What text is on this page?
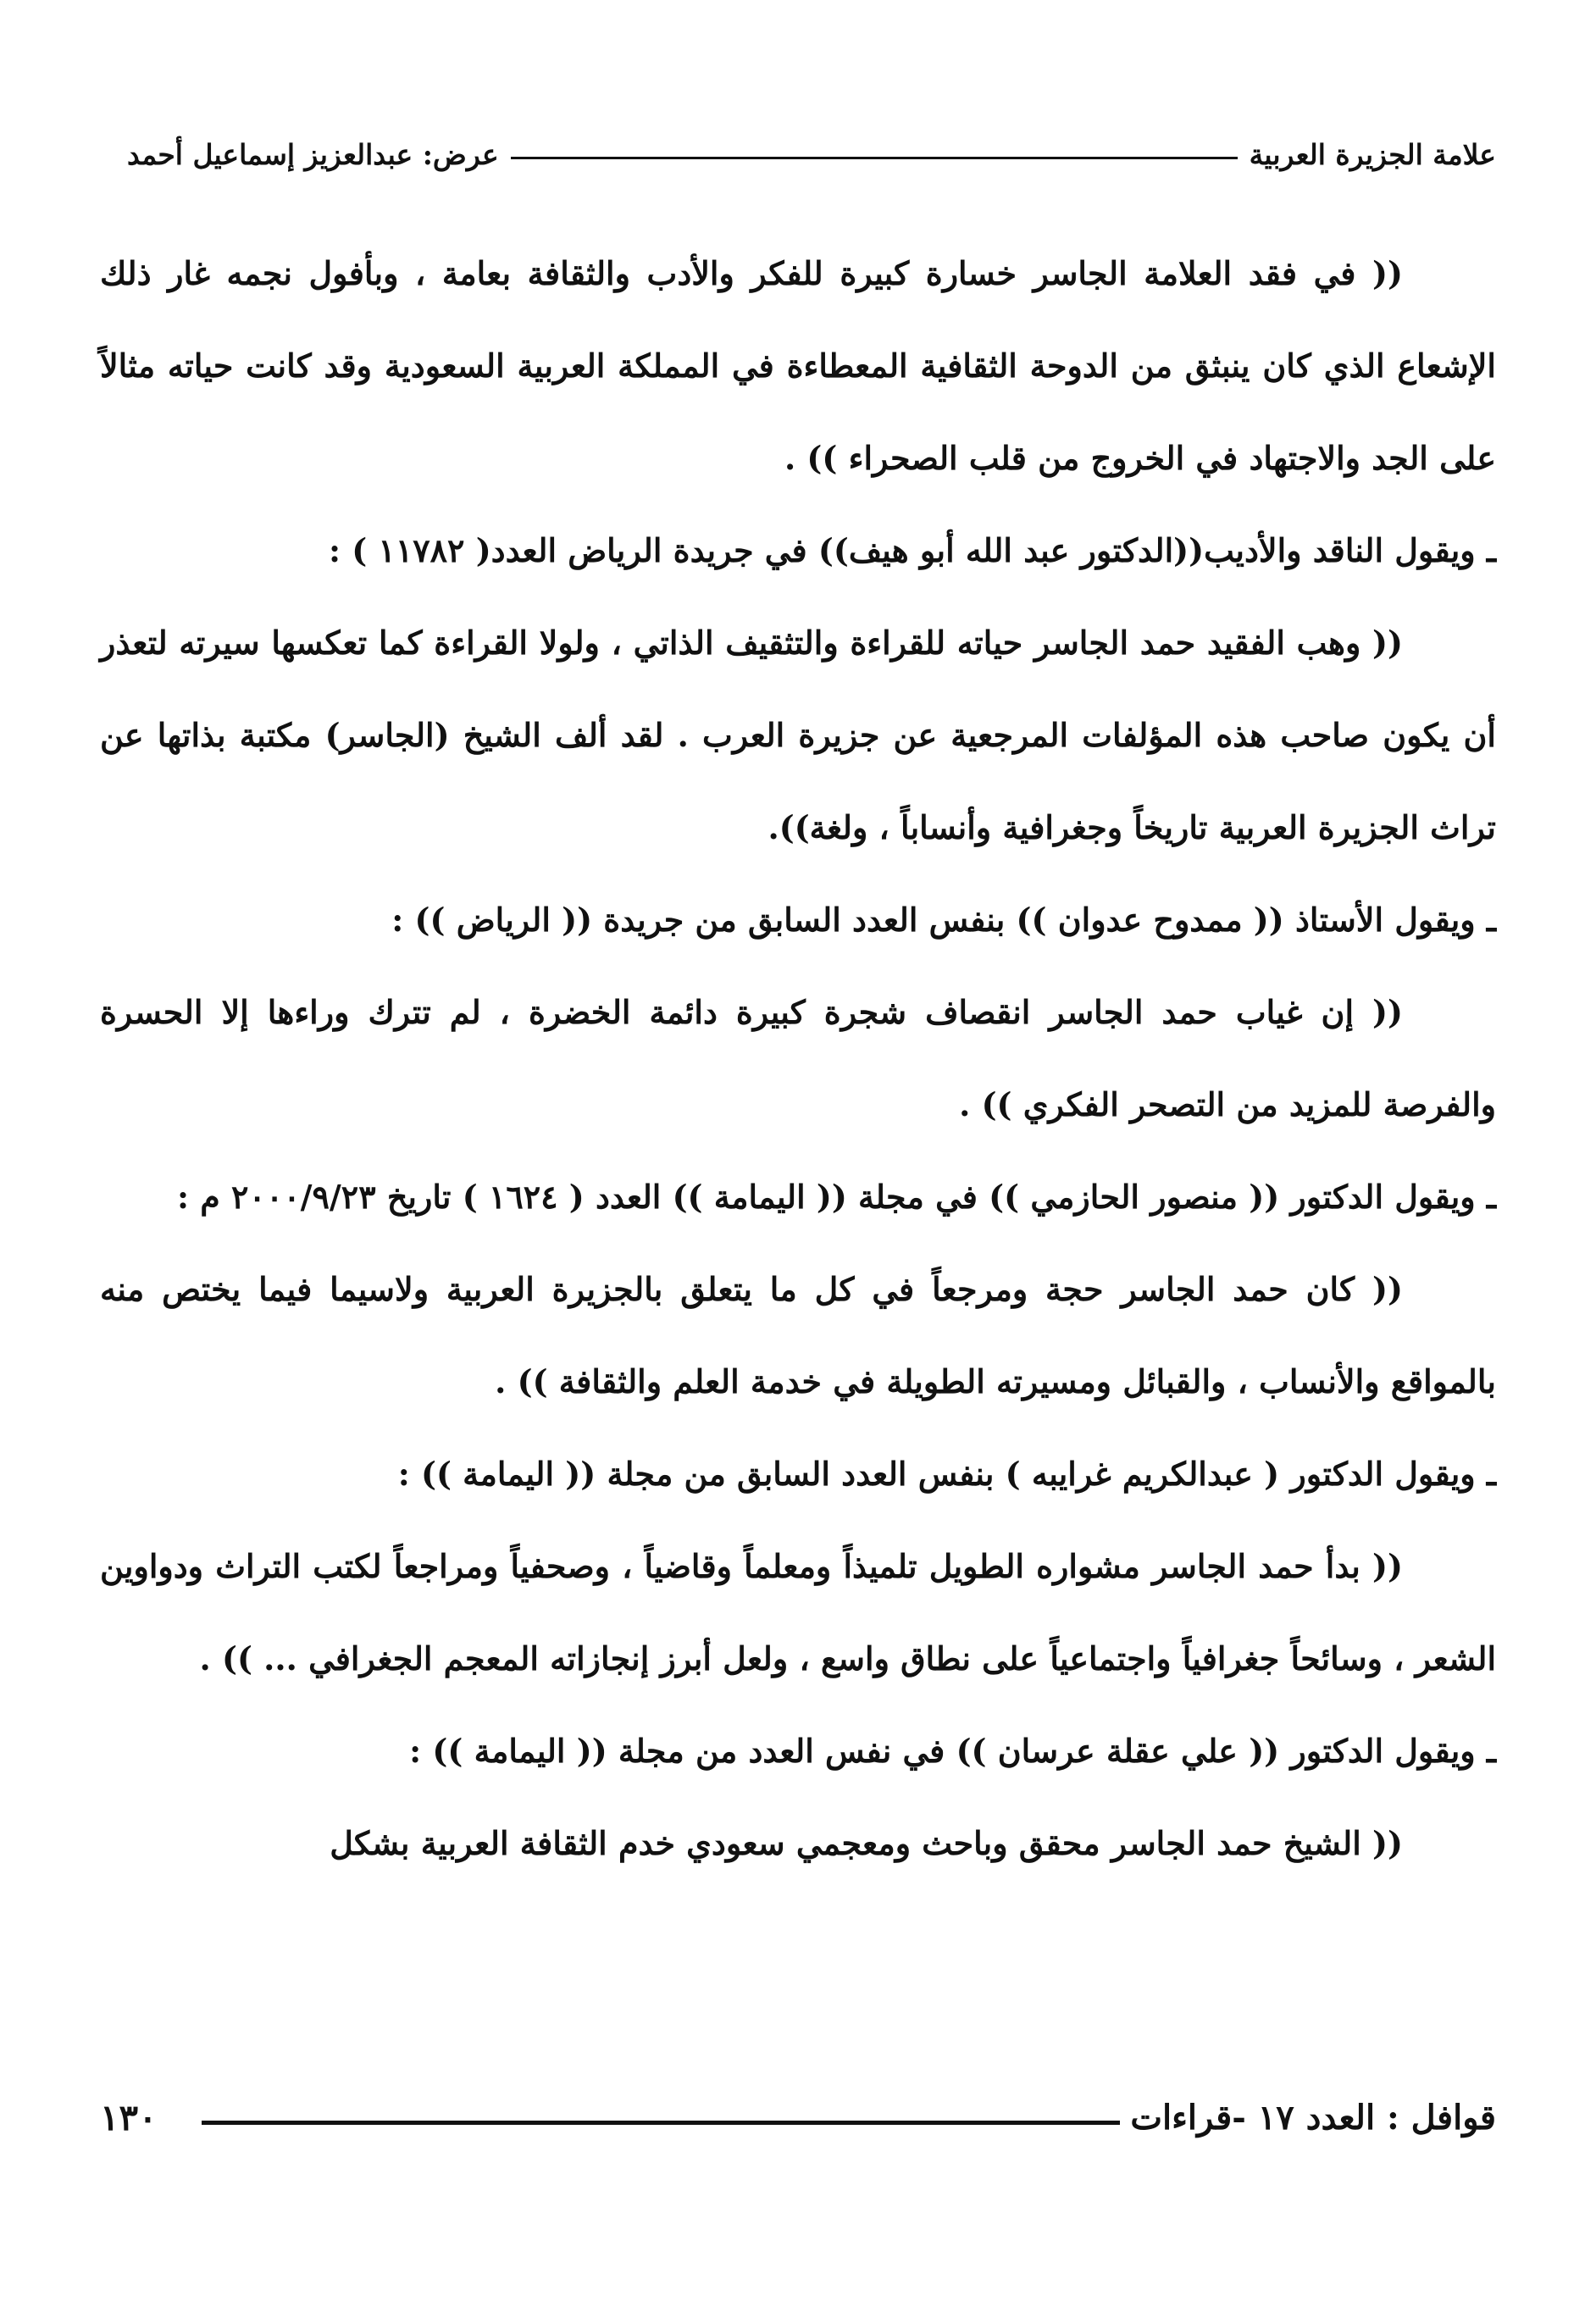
علامة الجزيرة العربية
عرض: عبدالعزيز إسماعيل أحمد

(( في فقد العلامة الجاسر خسارة كبيرة للفكر والأدب والثقافة بعامة ، وبأفول نجمه غار ذلك الإشعاع الذي كان ينبثق من الدوحة الثقافية المعطاءة في المملكة العربية السعودية وقد كانت حياته مثالاً على الجد والاجتهاد في الخروج من قلب الصحراء )) .

ـ ويقول الناقد والأديب((الدكتور عبد الله أبو هيف)) في جريدة الرياض العدد( ١١٧٨٢ ) :

(( وهب الفقيد حمد الجاسر حياته للقراءة والتثقيف الذاتي ، ولولا القراءة كما تعكسها سيرته لتعذر أن يكون صاحب هذه المؤلفات المرجعية عن جزيرة العرب . لقد ألف الشيخ (الجاسر) مكتبة بذاتها عن تراث الجزيرة العربية تاريخاً وجغرافية وأنساباً ، ولغة)).

ـ ويقول الأستاذ (( ممدوح عدوان )) بنفس العدد السابق من جريدة (( الرياض )) :

(( إن غياب حمد الجاسر انقصاف شجرة كبيرة دائمة الخضرة ، لم تترك وراءها إلا الحسرة والفرصة للمزيد من التصحر الفكري )) .

ـ ويقول الدكتور (( منصور الحازمي )) في مجلة (( اليمامة )) العدد ( ١٦٢٤ ) تاريخ ٢٠٠٠/٩/٢٣ م :

(( كان حمد الجاسر حجة ومرجعاً في كل ما يتعلق بالجزيرة العربية ولاسيما فيما يختص منه بالمواقع والأنساب ، والقبائل ومسيرته الطويلة في خدمة العلم والثقافة )) .

ـ ويقول الدكتور ( عبدالكريم غرايبه ) بنفس العدد السابق من مجلة (( اليمامة )) :

(( بدأ حمد الجاسر مشواره الطويل تلميذاً ومعلماً وقاضياً ، وصحفياً ومراجعاً لكتب التراث ودواوين الشعر ، وسائحاً جغرافياً واجتماعياً على نطاق واسع ، ولعل أبرز إنجازاته المعجم الجغرافي ... )) .

ـ ويقول الدكتور (( علي عقلة عرسان )) في نفس العدد من مجلة (( اليمامة )) :

(( الشيخ حمد الجاسر محقق وباحث ومعجمي سعودي خدم الثقافة العربية بشكل

قوافل : العدد ١٧ -قراءات
١٣٠
